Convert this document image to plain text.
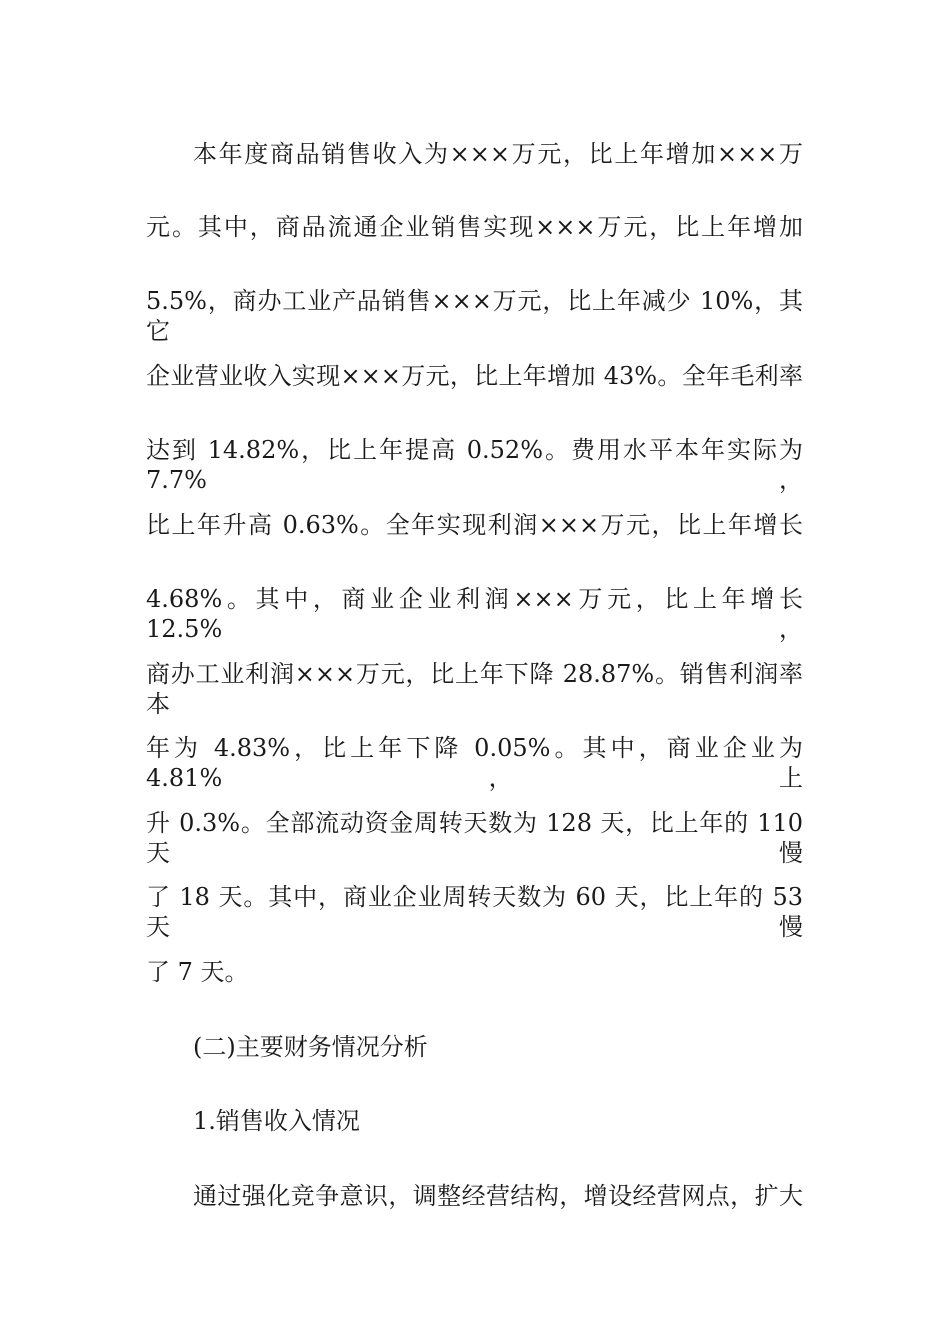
本年度商品销售收入为×××万元，比上年增加×××万
元。其中，商品流通企业销售实现×××万元，比上年增加
5.5%，商办工业产品销售×××万元，比上年减少 10%，其它
企业营业收入实现×××万元，比上年增加 43%。全年毛利率
达到 14.82%，比上年提高 0.52%。费用水平本年实际为 7.7%，
比上年升高 0.63%。全年实现利润×××万元，比上年增长
4.68%。其中，商业企业利润×××万元，比上年增长 12.5%，
商办工业利润×××万元，比上年下降 28.87%。销售利润率本
年为 4.83%，比上年下降 0.05%。其中，商业企业为 4.81%，上
升 0.3%。全部流动资金周转天数为 128 天，比上年的 110 天慢
了 18 天。其中，商业企业周转天数为 60 天，比上年的 53 天慢
了 7 天。
(二)主要财务情况分析
1.销售收入情况
通过强化竞争意识，调整经营结构，增设经营网点，扩大
